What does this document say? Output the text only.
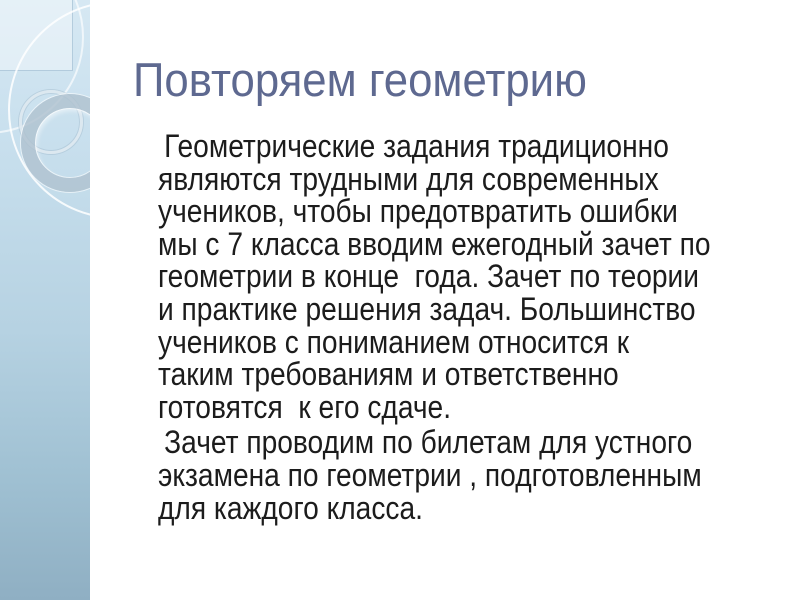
Повторяем геометрию
Геометрические задания традиционно
являются трудными для современных
учеников, чтобы предотвратить ошибки
мы с 7 класса вводим ежегодный зачет по
геометрии в конце  года. Зачет по теории
и практике решения задач. Большинство
учеников с пониманием относится к
таким требованиям и ответственно
готовятся  к его сдаче.
Зачет проводим по билетам для устного
экзамена по геометрии , подготовленным
для каждого класса.
